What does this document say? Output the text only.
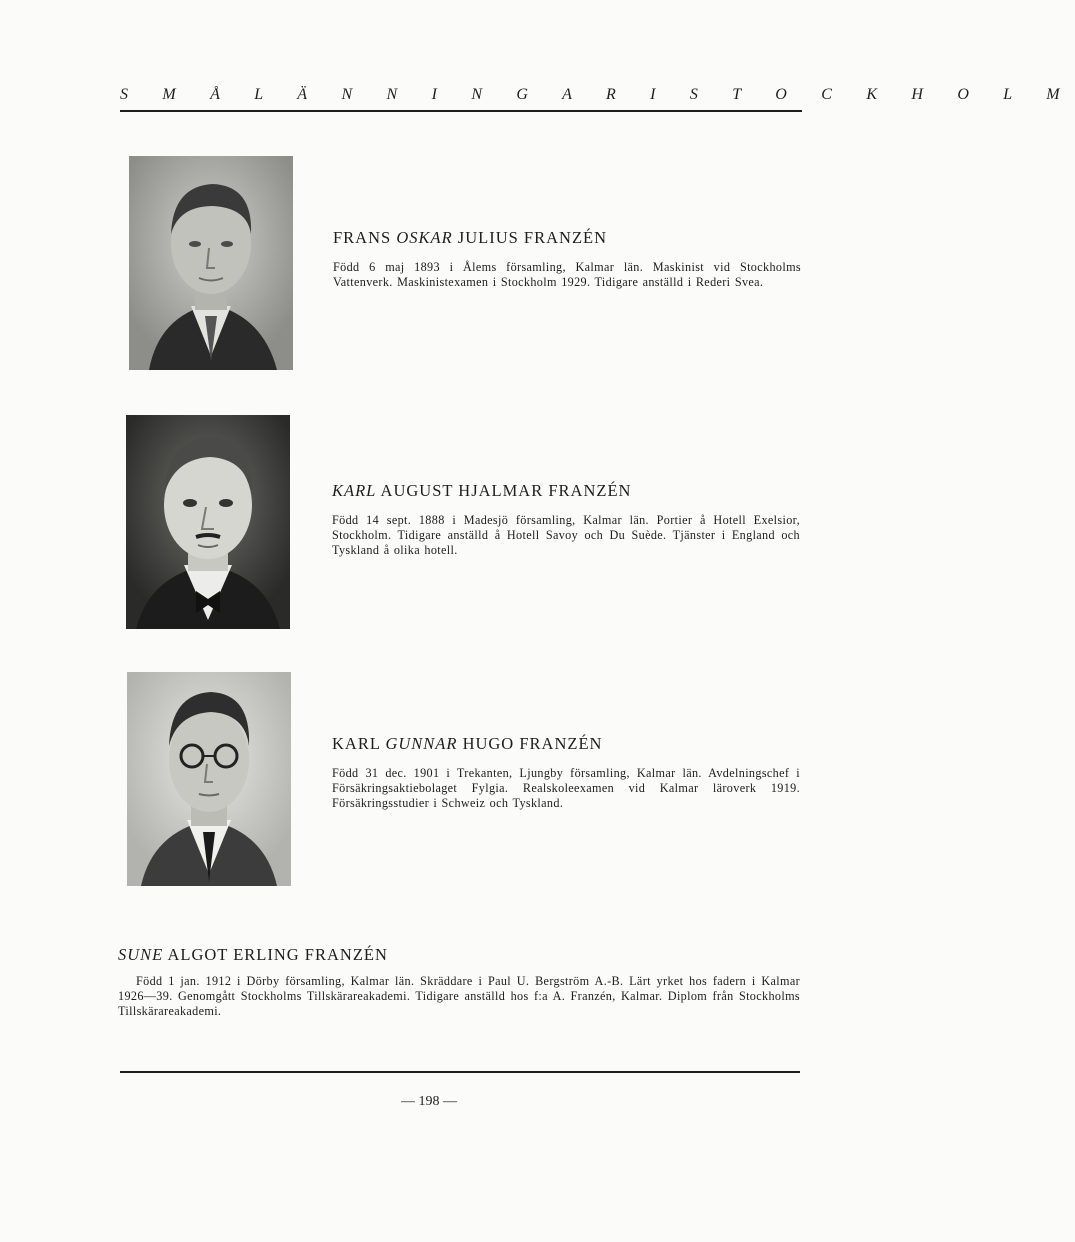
S M Å L Ä N N I N G A R I S T O C K H O L M
FRANS OSKAR JULIUS FRANZÉN

Född 6 maj 1893 i Ålems församling, Kalmar län. Maskinist vid Stockholms Vattenverk. Maskinistexamen i Stockholm 1929. Tidigare anställd i Rederi Svea.

KARL AUGUST HJALMAR FRANZÉN

Född 14 sept. 1888 i Madesjö församling, Kalmar län. Portier å Hotell Exelsior, Stockholm. Tidigare anställd å Hotell Savoy och Du Suède. Tjänster i England och Tyskland å olika hotell.

KARL GUNNAR HUGO FRANZÉN

Född 31 dec. 1901 i Trekanten, Ljungby församling, Kalmar län. Avdelningschef i Försäkringsaktiebolaget Fylgia. Realskoleexamen vid Kalmar läroverk 1919. Försäkringsstudier i Schweiz och Tyskland.

SUNE ALGOT ERLING FRANZÉN

Född 1 jan. 1912 i Dörby församling, Kalmar län. Skräddare i Paul U. Bergström A.-B. Lärt yrket hos fadern i Kalmar 1926—39. Genomgått Stockholms Tillskärareakademi. Tidigare anställd hos f:a A. Franzén, Kalmar. Diplom från Stockholms Tillskärareakademi.

— 198 —
